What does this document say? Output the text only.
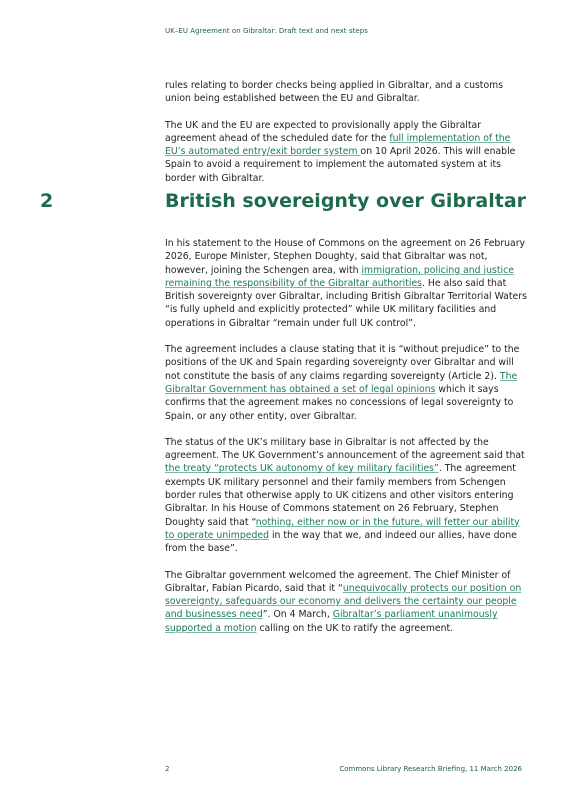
UK–EU Agreement on Gibraltar: Draft text and next steps

rules relating to border checks being applied in Gibraltar, and a customs union being established between the EU and Gibraltar.

The UK and the EU are expected to provisionally apply the Gibraltar agreement ahead of the scheduled date for the full implementation of the EU’s automated entry/exit border system on 10 April 2026. This will enable Spain to avoid a requirement to implement the automated system at its border with Gibraltar.

2	British sovereignty over Gibraltar

In his statement to the House of Commons on the agreement on 26 February 2026, Europe Minister, Stephen Doughty, said that Gibraltar was not, however, joining the Schengen area, with immigration, policing and justice remaining the responsibility of the Gibraltar authorities. He also said that British sovereignty over Gibraltar, including British Gibraltar Territorial Waters “is fully upheld and explicitly protected” while UK military facilities and operations in Gibraltar “remain under full UK control”.

The agreement includes a clause stating that it is “without prejudice” to the positions of the UK and Spain regarding sovereignty over Gibraltar and will not constitute the basis of any claims regarding sovereignty (Article 2). The Gibraltar Government has obtained a set of legal opinions which it says confirms that the agreement makes no concessions of legal sovereignty to Spain, or any other entity, over Gibraltar.

The status of the UK’s military base in Gibraltar is not affected by the agreement. The UK Government’s announcement of the agreement said that the treaty “protects UK autonomy of key military facilities”. The agreement exempts UK military personnel and their family members from Schengen border rules that otherwise apply to UK citizens and other visitors entering Gibraltar. In his House of Commons statement on 26 February, Stephen Doughty said that “nothing, either now or in the future, will fetter our ability to operate unimpeded in the way that we, and indeed our allies, have done from the base”.

The Gibraltar government welcomed the agreement. The Chief Minister of Gibraltar, Fabian Picardo, said that it “unequivocally protects our position on sovereignty, safeguards our economy and delivers the certainty our people and businesses need”. On 4 March, Gibraltar’s parliament unanimously supported a motion calling on the UK to ratify the agreement.

2	Commons Library Research Briefing, 11 March 2026
